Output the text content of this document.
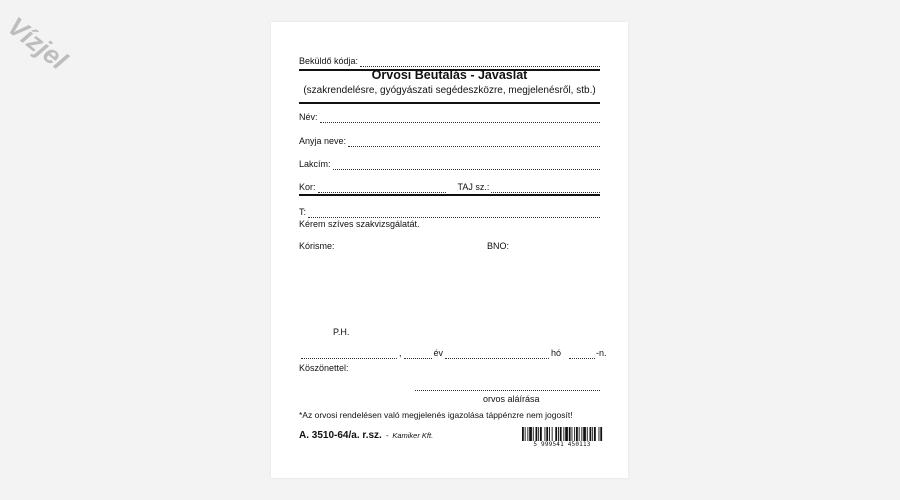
Vízjel	Beküldő kódja:
Orvosi Beutalás - Javaslat
(szakrendelésre, gyógyászati segédeszközre, megjelenésről, stb.)
Név:
Anyja neve:
Lakcím:
Kor:	TAJ sz.:
T:
Kérem szíves szakvizsgálatát.
Kórisme:	BNO:
P.H.
,	év	hó	-n.
Köszönettel:
orvos aláírása
*Az orvosi rendelésen való megjelenés igazolása táppénzre nem jogosít!
A. 3510-64/a. r.sz. - Kamiker Kft.
5 999541 450113
